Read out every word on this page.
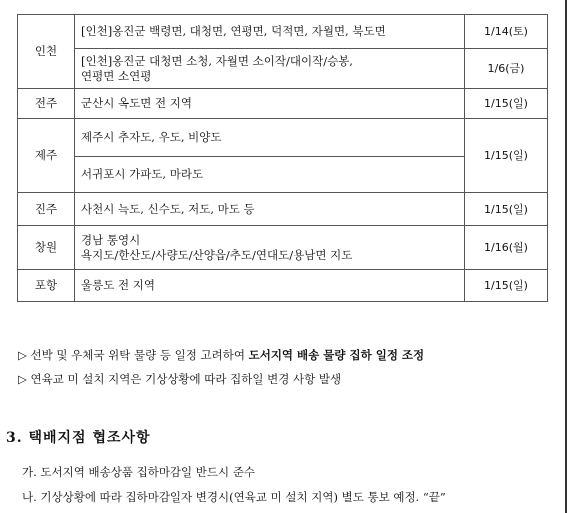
인천	[인천]옹진군 백령면, 대청면, 연평면, 덕적면, 자월면, 북도면	1/14(토)
	[인천]옹진군 대청면 소청, 자월면 소이작/대이작/승봉,
연평면 소연평	1/6(금)
전주	군산시 옥도면 전 지역	1/15(일)
제주	제주시 추자도, 우도, 비양도	1/15(일)
	서귀포시 가파도, 마라도	
진주	사천시 늑도, 신수도, 저도, 마도 등	1/15(일)
창원	경남 통영시
욕지도/한산도/사량도/산양읍/추도/연대도/용남면 지도	1/16(월)
포항	울릉도 전 지역	1/15(일)
▷ 선박 및 우체국 위탁 물량 등 일정 고려하여 도서지역 배송 물량 집하 일정 조정
▷ 연육교 미 설치 지역은 기상상황에 따라 집하일 변경 사항 발생
3. 택배지점 협조사항
가. 도서지역 배송상품 집하마감일 반드시 준수
나. 기상상황에 따라 집하마감일자 변경시(연육교 미 설치 지역) 별도 통보 예정. “끝”
